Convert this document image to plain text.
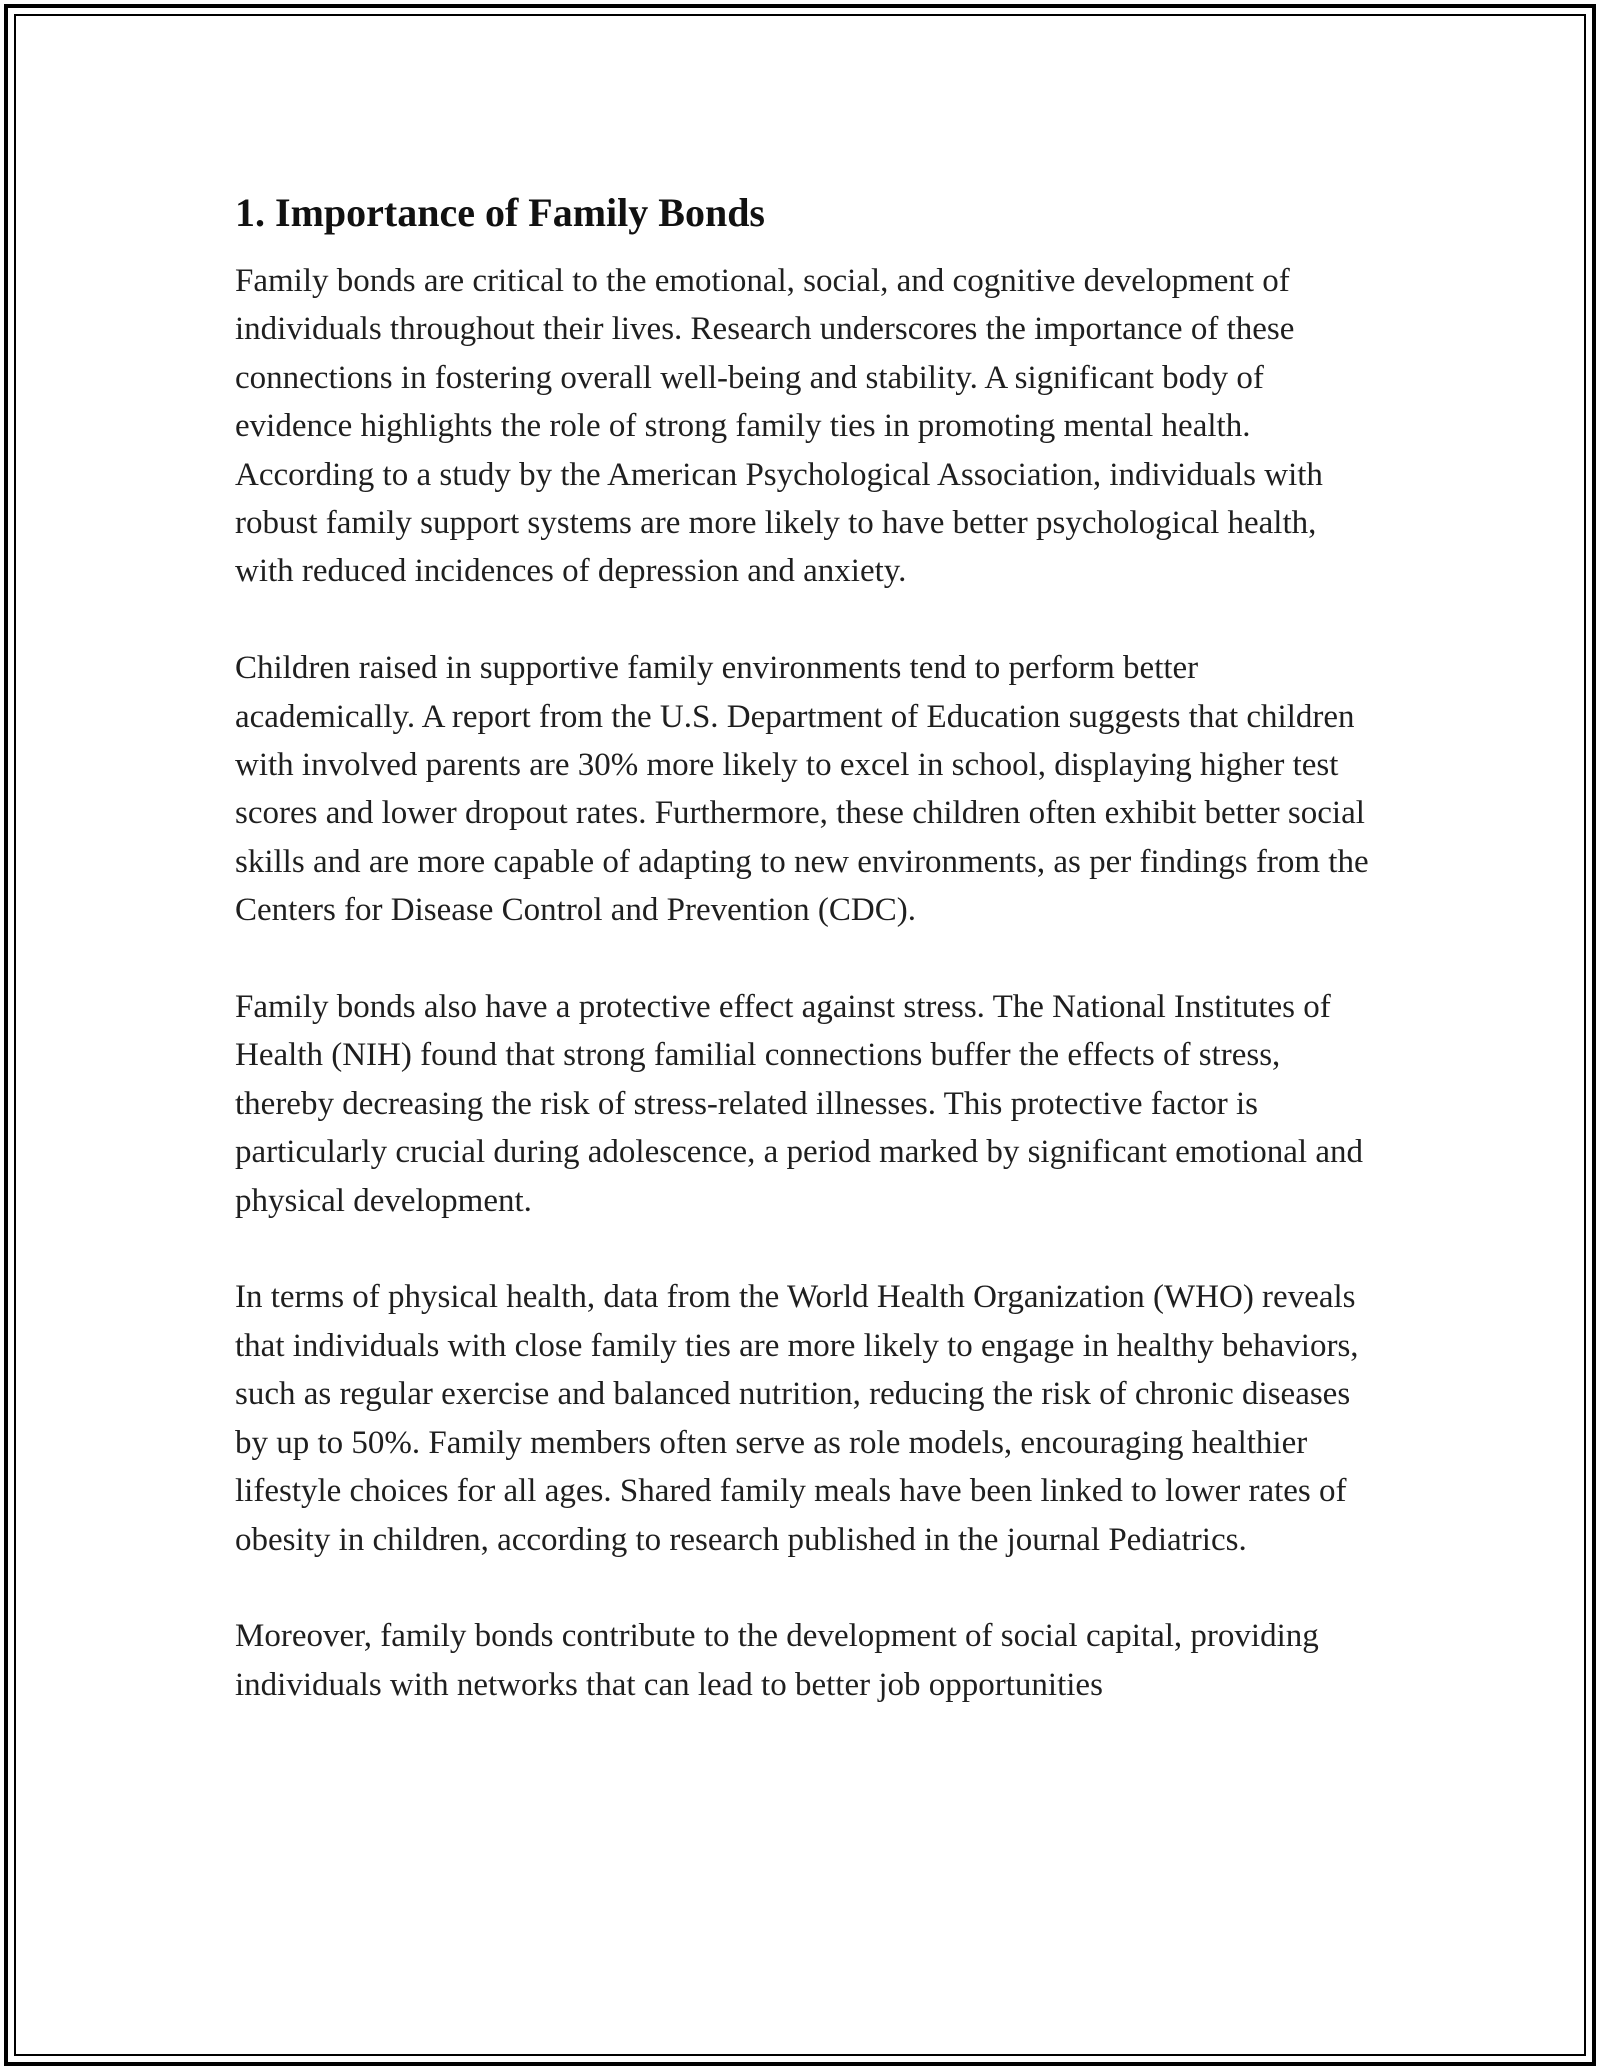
1. Importance of Family Bonds

Family bonds are critical to the emotional, social, and cognitive development of individuals throughout their lives. Research underscores the importance of these connections in fostering overall well-being and stability. A significant body of evidence highlights the role of strong family ties in promoting mental health. According to a study by the American Psychological Association, individuals with robust family support systems are more likely to have better psychological health, with reduced incidences of depression and anxiety.

Children raised in supportive family environments tend to perform better academically. A report from the U.S. Department of Education suggests that children with involved parents are 30% more likely to excel in school, displaying higher test scores and lower dropout rates. Furthermore, these children often exhibit better social skills and are more capable of adapting to new environments, as per findings from the Centers for Disease Control and Prevention (CDC).

Family bonds also have a protective effect against stress. The National Institutes of Health (NIH) found that strong familial connections buffer the effects of stress, thereby decreasing the risk of stress-related illnesses. This protective factor is particularly crucial during adolescence, a period marked by significant emotional and physical development.

In terms of physical health, data from the World Health Organization (WHO) reveals that individuals with close family ties are more likely to engage in healthy behaviors, such as regular exercise and balanced nutrition, reducing the risk of chronic diseases by up to 50%. Family members often serve as role models, encouraging healthier lifestyle choices for all ages. Shared family meals have been linked to lower rates of obesity in children, according to research published in the journal Pediatrics.

Moreover, family bonds contribute to the development of social capital, providing individuals with networks that can lead to better job opportunities
